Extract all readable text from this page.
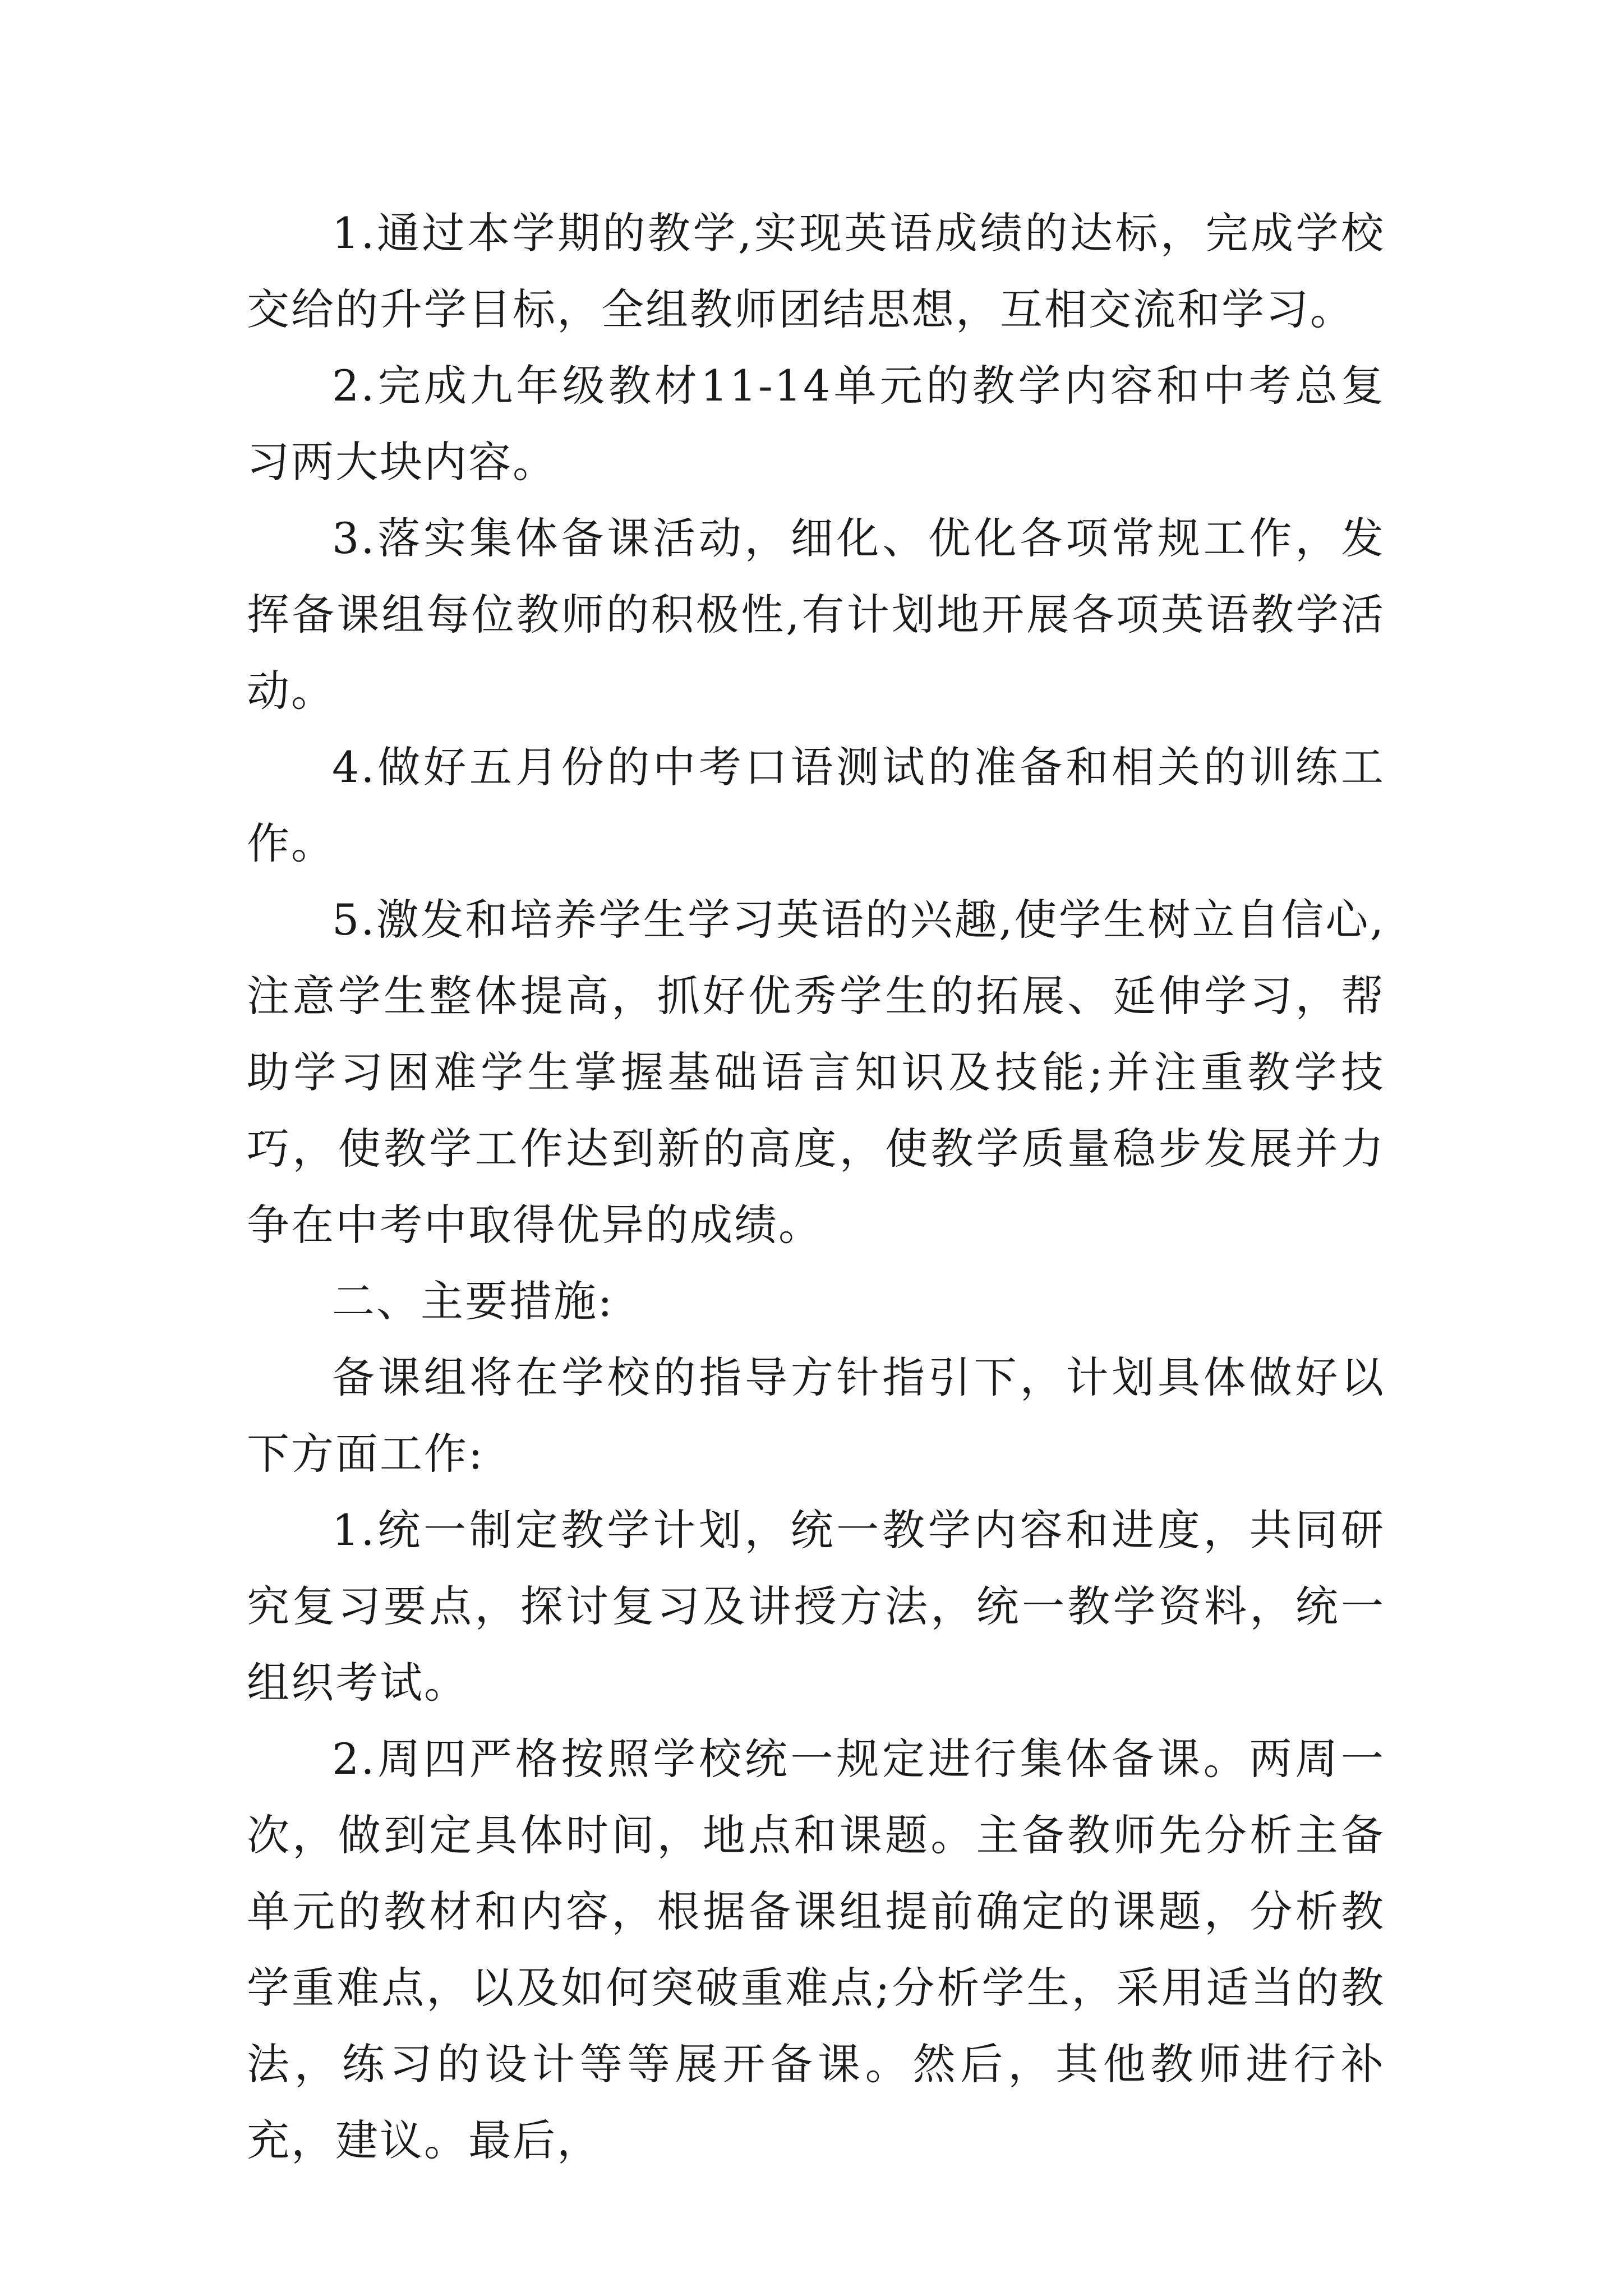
1.通过本学期的教学,实现英语成绩的达标，完成学校交给的升学目标，全组教师团结思想，互相交流和学习。

2.完成九年级教材11-14单元的教学内容和中考总复习两大块内容。

3.落实集体备课活动，细化、优化各项常规工作，发挥备课组每位教师的积极性,有计划地开展各项英语教学活动。

4.做好五月份的中考口语测试的准备和相关的训练工作。

5.激发和培养学生学习英语的兴趣,使学生树立自信心,注意学生整体提高，抓好优秀学生的拓展、延伸学习，帮助学习困难学生掌握基础语言知识及技能;并注重教学技巧，使教学工作达到新的高度，使教学质量稳步发展并力争在中考中取得优异的成绩。

二、主要措施:

备课组将在学校的指导方针指引下，计划具体做好以下方面工作:

1.统一制定教学计划，统一教学内容和进度，共同研究复习要点，探讨复习及讲授方法，统一教学资料，统一组织考试。

2.周四严格按照学校统一规定进行集体备课。两周一次，做到定具体时间，地点和课题。主备教师先分析主备单元的教材和内容，根据备课组提前确定的课题，分析教学重难点，以及如何突破重难点;分析学生，采用适当的教法，练习的设计等等展开备课。然后，其他教师进行补充，建议。最后，
